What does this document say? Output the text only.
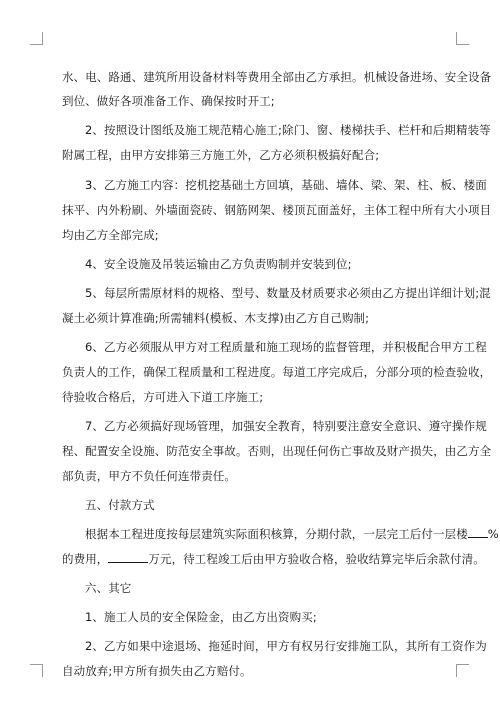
水、电、路通、建筑所用设备材料等费用全部由乙方承担。机械设备进场、安全设备
到位、做好各项准备工作、确保按时开工;
2、按照设计图纸及施工规范精心施工;除门、窗、楼梯扶手、栏杆和后期精装等
附属工程，由甲方安排第三方施工外，乙方必须积极搞好配合;
3、乙方施工内容：挖机挖基础土方回填，基础、墙体、梁、架、柱、板、楼面
抹平、内外粉刷、外墙面瓷砖、钢筋网架、楼顶瓦面盖好，主体工程中所有大小项目
均由乙方全部完成;
4、安全设施及吊装运输由乙方负责购制并安装到位;
5、每层所需原材料的规格、型号、数量及材质要求必须由乙方提出详细计划;混
凝土必须计算准确;所需辅料(模板、木支撑)由乙方自己购制;
6、乙方必须服从甲方对工程质量和施工现场的监督管理，并积极配合甲方工程
负责人的工作，确保工程质量和工程进度。每道工序完成后，分部分项的检查验收，
待验收合格后，方可进入下道工序施工;
7、乙方必须搞好现场管理，加强安全教育，特别要注意安全意识、遵守操作规
程、配置安全设施、防范安全事故。否则，出现任何伤亡事故及财产损失，由乙方全
部负责，甲方不负任何连带责任。
五、付款方式
根据本工程进度按每层建筑实际面积核算，分期付款，一层完工后付一层楼 %
的费用，	万元，待工程竣工后由甲方验收合格，验收结算完毕后余款付清。
六、其它
1、施工人员的安全保险金，由乙方出资购买;
2、乙方如果中途退场、拖延时间，甲方有权另行安排施工队，其所有工资作为
自动放弃;甲方所有损失由乙方赔付。
